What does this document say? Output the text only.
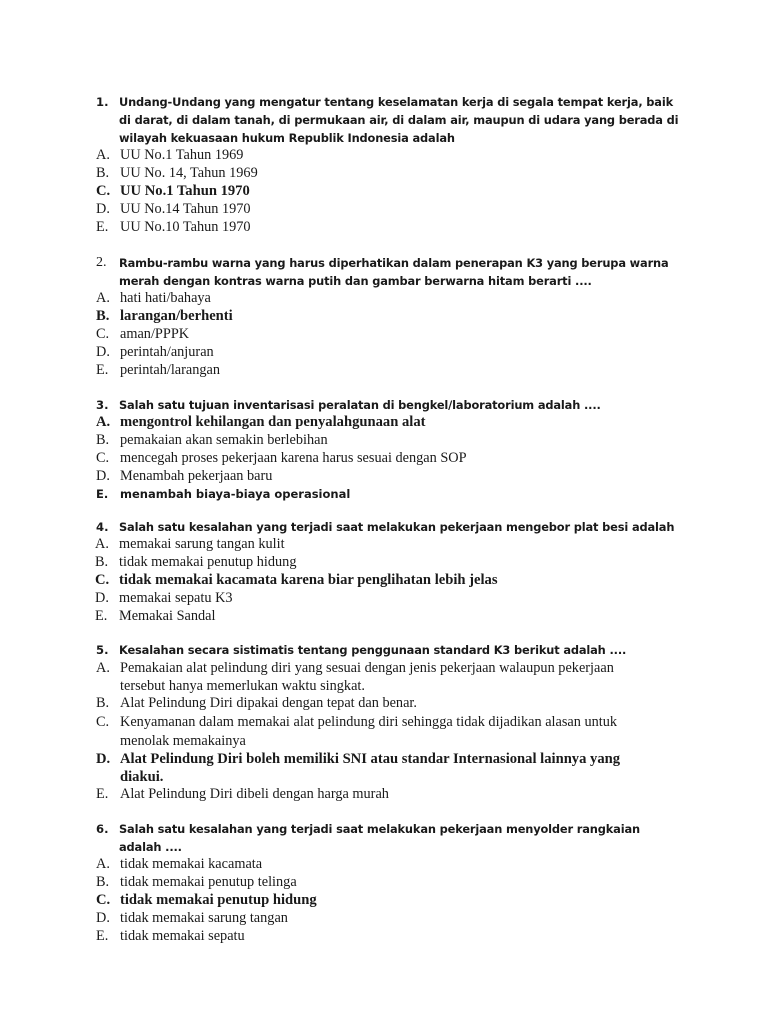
1. Undang-Undang yang mengatur tentang keselamatan kerja di segala tempat kerja, baik di darat, di dalam tanah, di permukaan air, di dalam air, maupun di udara yang berada di wilayah kekuasaan hukum Republik Indonesia adalah
A. UU No.1 Tahun 1969
B. UU No. 14, Tahun 1969
C. UU No.1 Tahun 1970
D. UU No.14 Tahun 1970
E. UU No.10 Tahun 1970
2.	Rambu-rambu warna yang harus diperhatikan dalam penerapan K3 yang berupa warna merah dengan kontras warna putih dan gambar berwarna hitam berarti ....
A. hati hati/bahaya
B. larangan/berhenti
C. aman/PPPK
D. perintah/anjuran
E. perintah/larangan
3. Salah satu tujuan inventarisasi peralatan di bengkel/laboratorium adalah ....
A. mengontrol kehilangan dan penyalahgunaan alat
B. pemakaian akan semakin berlebihan
C. mencegah proses pekerjaan karena harus sesuai dengan SOP
D. Menambah pekerjaan baru
E.	menambah biaya-biaya operasional
4. Salah satu kesalahan yang terjadi saat melakukan pekerjaan mengebor plat besi adalah
A. memakai sarung tangan kulit
B. tidak memakai penutup hidung
C. tidak memakai kacamata karena biar penglihatan lebih jelas
D. memakai sepatu K3
E. Memakai Sandal
5. Kesalahan secara sistimatis tentang penggunaan standard K3 berikut adalah ....
A. Pemakaian alat pelindung diri yang sesuai dengan jenis pekerjaan walaupun pekerjaan tersebut hanya memerlukan waktu singkat.
B. Alat Pelindung Diri dipakai dengan tepat dan benar.
C. Kenyamanan dalam memakai alat pelindung diri sehingga tidak dijadikan alasan untuk menolak memakainya
D. Alat Pelindung Diri boleh memiliki SNI atau standar Internasional lainnya yang diakui.
E. Alat Pelindung Diri dibeli dengan harga murah
6. Salah satu kesalahan yang terjadi saat melakukan pekerjaan menyolder rangkaian adalah ....
A. tidak memakai kacamata
B. tidak memakai penutup telinga
C. tidak memakai penutup hidung
D. tidak memakai sarung tangan
E. tidak memakai sepatu
